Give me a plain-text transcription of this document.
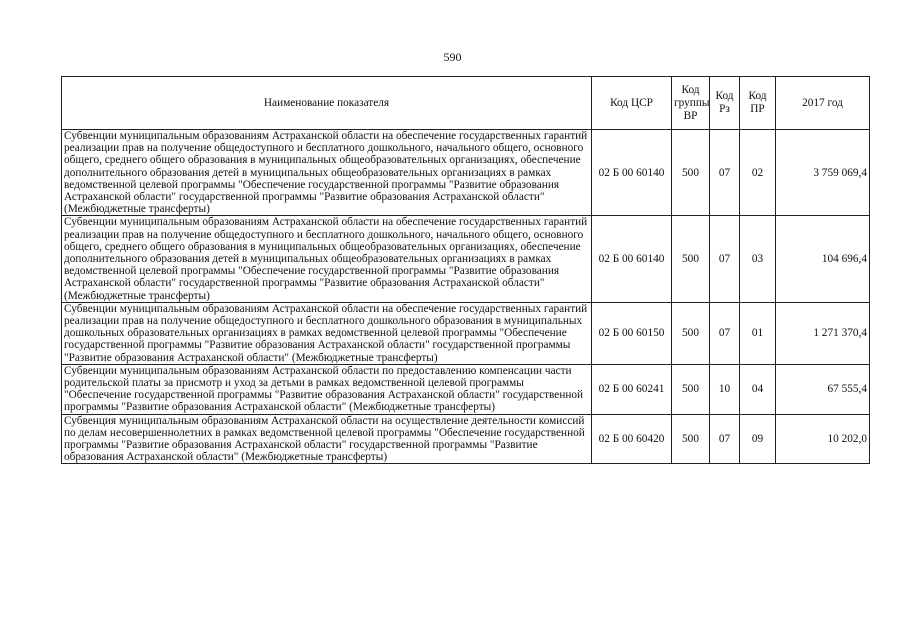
590
Наименование показателя	Код ЦСР	Код группы ВР	Код Рз	Код ПР	2017 год
Субвенции муниципальным образованиям Астраханской области на обеспечение государственных гарантий реализации прав на получение общедоступного и бесплатного дошкольного, начального общего, основного общего, среднего общего образования в муниципальных общеобразовательных организациях, обеспечение дополнительного образования детей в муниципальных общеобразовательных организациях в рамках ведомственной целевой программы "Обеспечение государственной программы "Развитие образования Астраханской области" государственной программы "Развитие образования Астраханской области" (Межбюджетные трансферты)	02 Б 00 60140	500	07	02	3 759 069,4
Субвенции муниципальным образованиям Астраханской области на обеспечение государственных гарантий реализации прав на получение общедоступного и бесплатного дошкольного, начального общего, основного общего, среднего общего образования в муниципальных общеобразовательных организациях, обеспечение дополнительного образования детей в муниципальных общеобразовательных организациях в рамках ведомственной целевой программы "Обеспечение государственной программы "Развитие образования Астраханской области" государственной программы "Развитие образования Астраханской области" (Межбюджетные трансферты)	02 Б 00 60140	500	07	03	104 696,4
Субвенции муниципальным образованиям Астраханской области на обеспечение государственных гарантий реализации прав на получение общедоступного и бесплатного дошкольного образования в муниципальных дошкольных образовательных организациях в рамках ведомственной целевой программы "Обеспечение государственной программы "Развитие образования Астраханской области" государственной программы "Развитие образования Астраханской области" (Межбюджетные трансферты)	02 Б 00 60150	500	07	01	1 271 370,4
Субвенции муниципальным образованиям Астраханской области по предоставлению компенсации части родительской платы за присмотр и уход за детьми в рамках ведомственной целевой программы "Обеспечение государственной программы "Развитие образования Астраханской области" государственной программы "Развитие образования Астраханской области" (Межбюджетные трансферты)	02 Б 00 60241	500	10	04	67 555,4
Субвенция муниципальным образованиям Астраханской области на осуществление деятельности комиссий по делам несовершеннолетних в рамках ведомственной целевой программы "Обеспечение государственной программы "Развитие образования Астраханской области" государственной программы "Развитие образования Астраханской области" (Межбюджетные трансферты)	02 Б 00 60420	500	07	09	10 202,0
